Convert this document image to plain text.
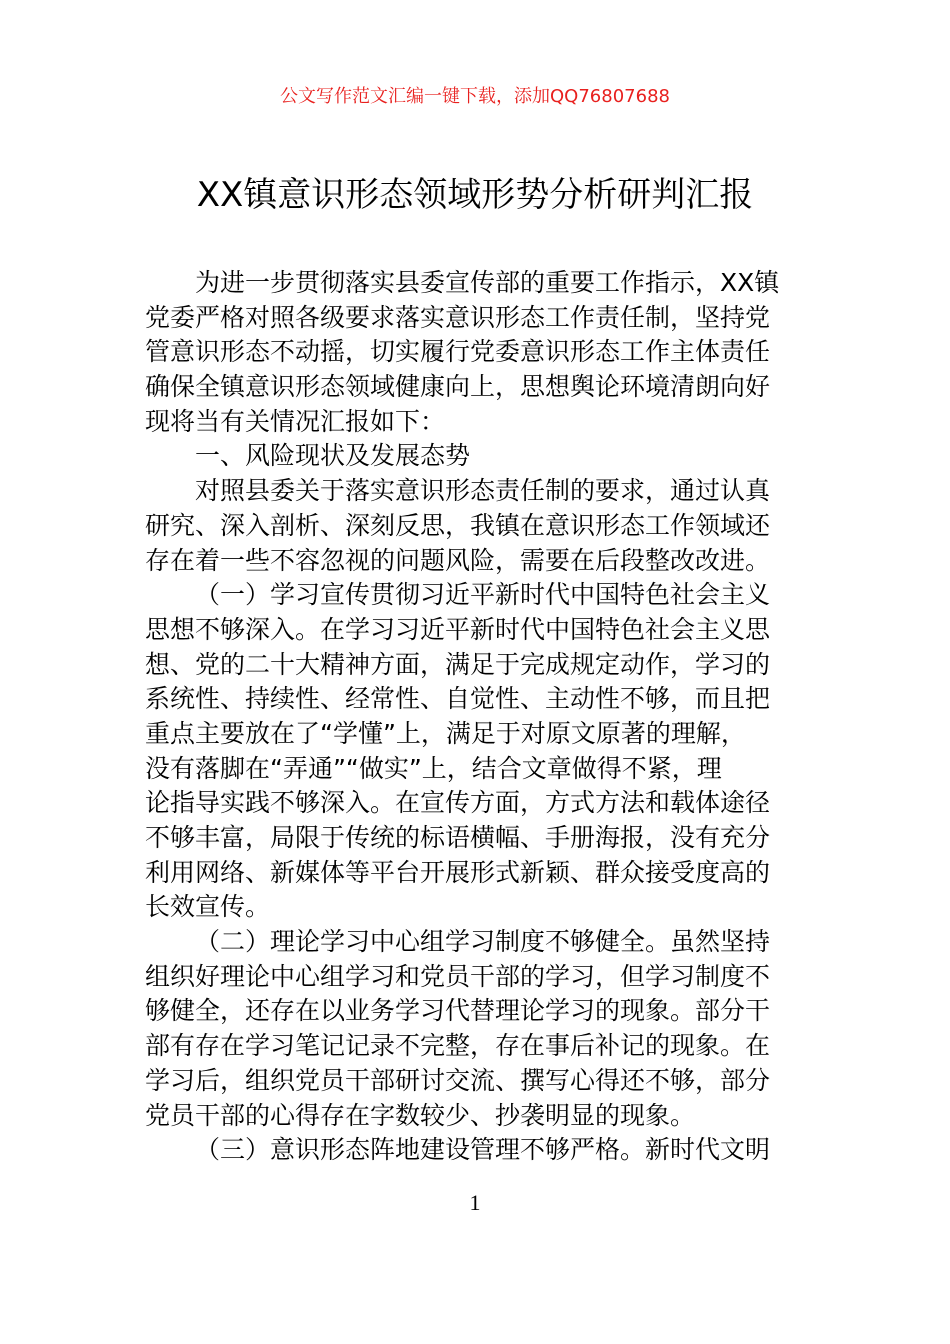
公文写作范文汇编一键下载，添加QQ76807688
XX镇意识形态领域形势分析研判汇报
为进一步贯彻落实县委宣传部的重要工作指示，XX镇
党委严格对照各级要求落实意识形态工作责任制，坚持党
管意识形态不动摇，切实履行党委意识形态工作主体责任
确保全镇意识形态领域健康向上，思想舆论环境清朗向好
现将当有关情况汇报如下：
一、风险现状及发展态势
对照县委关于落实意识形态责任制的要求，通过认真
研究、深入剖析、深刻反思，我镇在意识形态工作领域还
存在着一些不容忽视的问题风险，需要在后段整改改进。
（一）学习宣传贯彻习近平新时代中国特色社会主义
思想不够深入。在学习习近平新时代中国特色社会主义思
想、党的二十大精神方面，满足于完成规定动作，学习的
系统性、持续性、经常性、自觉性、主动性不够，而且把
重点主要放在了“学懂”上，满足于对原文原著的理解，
没有落脚在“弄通”“做实”上，结合文章做得不紧，理
论指导实践不够深入。在宣传方面，方式方法和载体途径
不够丰富，局限于传统的标语横幅、手册海报，没有充分
利用网络、新媒体等平台开展形式新颖、群众接受度高的
长效宣传。
（二）理论学习中心组学习制度不够健全。虽然坚持
组织好理论中心组学习和党员干部的学习，但学习制度不
够健全，还存在以业务学习代替理论学习的现象。部分干
部有存在学习笔记记录不完整，存在事后补记的现象。在
学习后，组织党员干部研讨交流、撰写心得还不够，部分
党员干部的心得存在字数较少、抄袭明显的现象。
（三）意识形态阵地建设管理不够严格。新时代文明
1
